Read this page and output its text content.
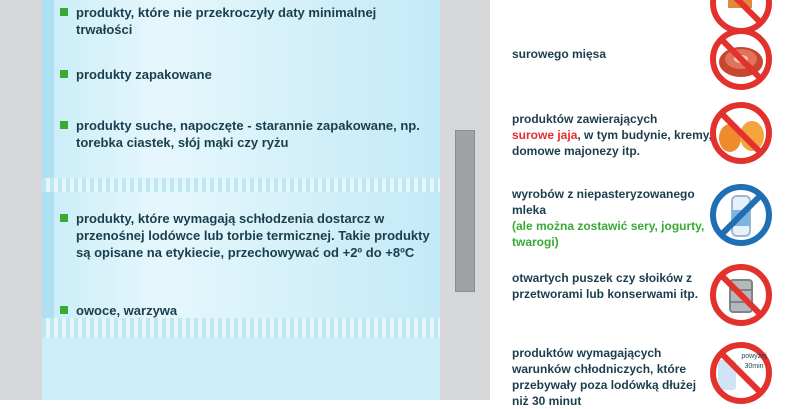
produkty, które nie przekroczyły daty minimalnej trwałości
produkty zapakowane
produkty suche, napoczęte - starannie zapakowane, np. torebka ciastek, słój mąki czy ryżu
produkty, które wymagają schłodzenia dostarcz w przenośnej lodówce lub torbie termicznej. Takie produkty są opisane na etykiecie, przechowywać od +2º do +8ºC
owoce, warzywa
surowego mięsa
produktów zawierających
surowe jaja, w tym budynie, kremy, domowe majonezy itp.
wyrobów z niepasteryzowanego mleka
(ale można zostawić sery, jogurty, twarogi)
otwartych puszek czy słoików z przetworami lub konserwami itp.
produktów wymagających warunków chłodniczych, które przebywały poza lodówką dłużej niż 30 minut
powyżej
30min
